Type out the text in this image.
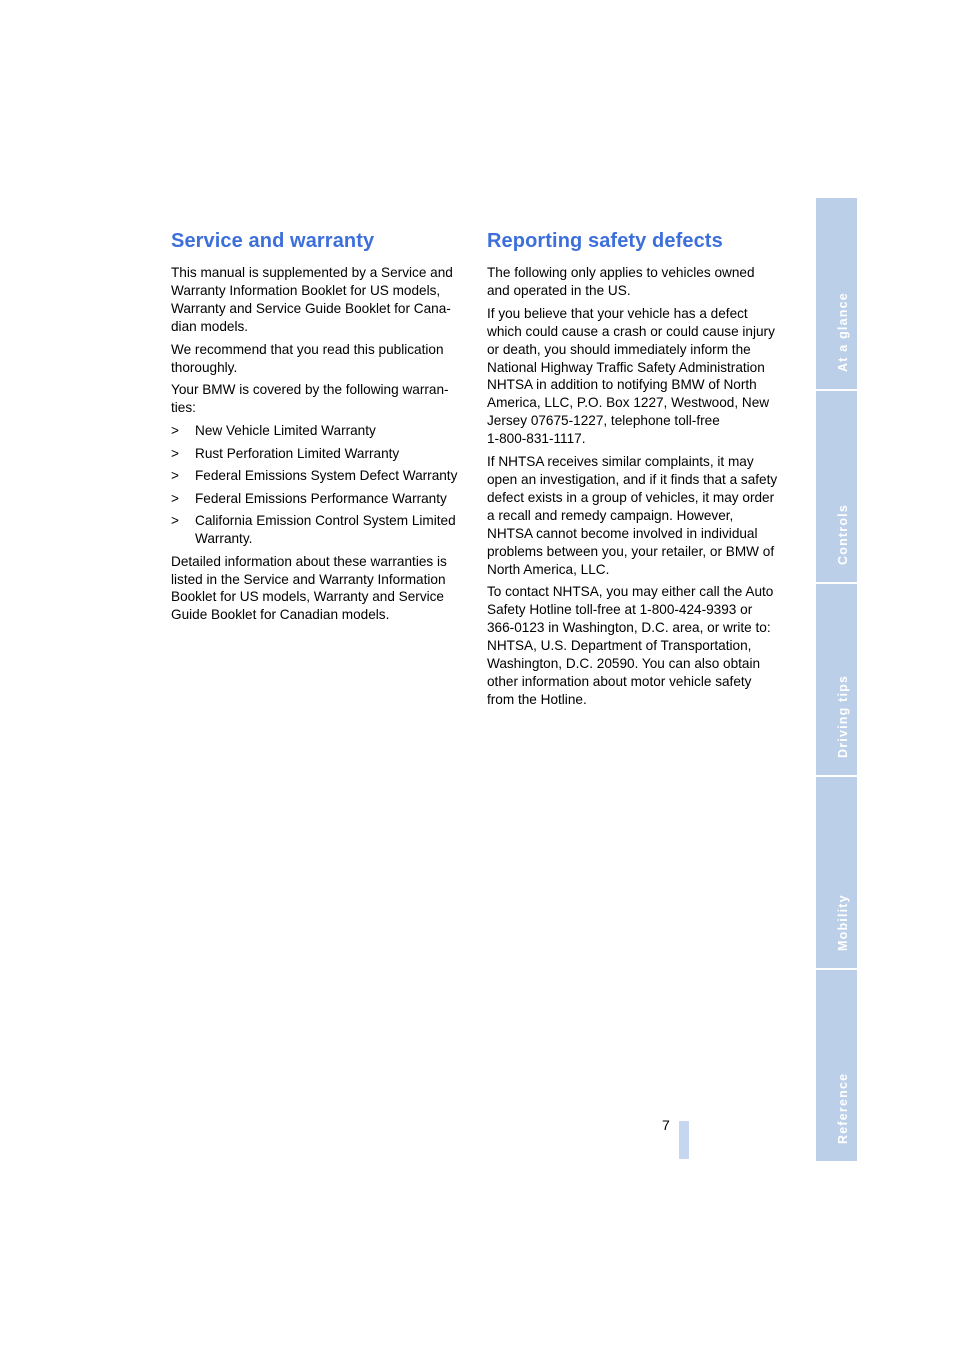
Service and warranty

This manual is supplemented by a Service and
Warranty Information Booklet for US models,
Warranty and Service Guide Booklet for Cana-
dian models.

We recommend that you read this publication
thoroughly.

Your BMW is covered by the following warran-
ties:

> New Vehicle Limited Warranty
> Rust Perforation Limited Warranty
> Federal Emissions System Defect Warranty
> Federal Emissions Performance Warranty
> California Emission Control System Limited Warranty.

Detailed information about these warranties is
listed in the Service and Warranty Information
Booklet for US models, Warranty and Service
Guide Booklet for Canadian models.

Reporting safety defects

The following only applies to vehicles owned
and operated in the US.

If you believe that your vehicle has a defect
which could cause a crash or could cause injury
or death, you should immediately inform the
National Highway Traffic Safety Administration
NHTSA in addition to notifying BMW of North
America, LLC, P.O. Box 1227, Westwood, New
Jersey 07675-1227, telephone toll-free
1-800-831-1117.

If NHTSA receives similar complaints, it may
open an investigation, and if it finds that a safety
defect exists in a group of vehicles, it may order
a recall and remedy campaign. However,
NHTSA cannot become involved in individual
problems between you, your retailer, or BMW of
North America, LLC.

To contact NHTSA, you may either call the Auto
Safety Hotline toll-free at 1-800-424-9393 or
366-0123 in Washington, D.C. area, or write to:
NHTSA, U.S. Department of Transportation,
Washington, D.C. 20590. You can also obtain
other information about motor vehicle safety
from the Hotline.

At a glance
Controls
Driving tips
Mobility
Reference
7
